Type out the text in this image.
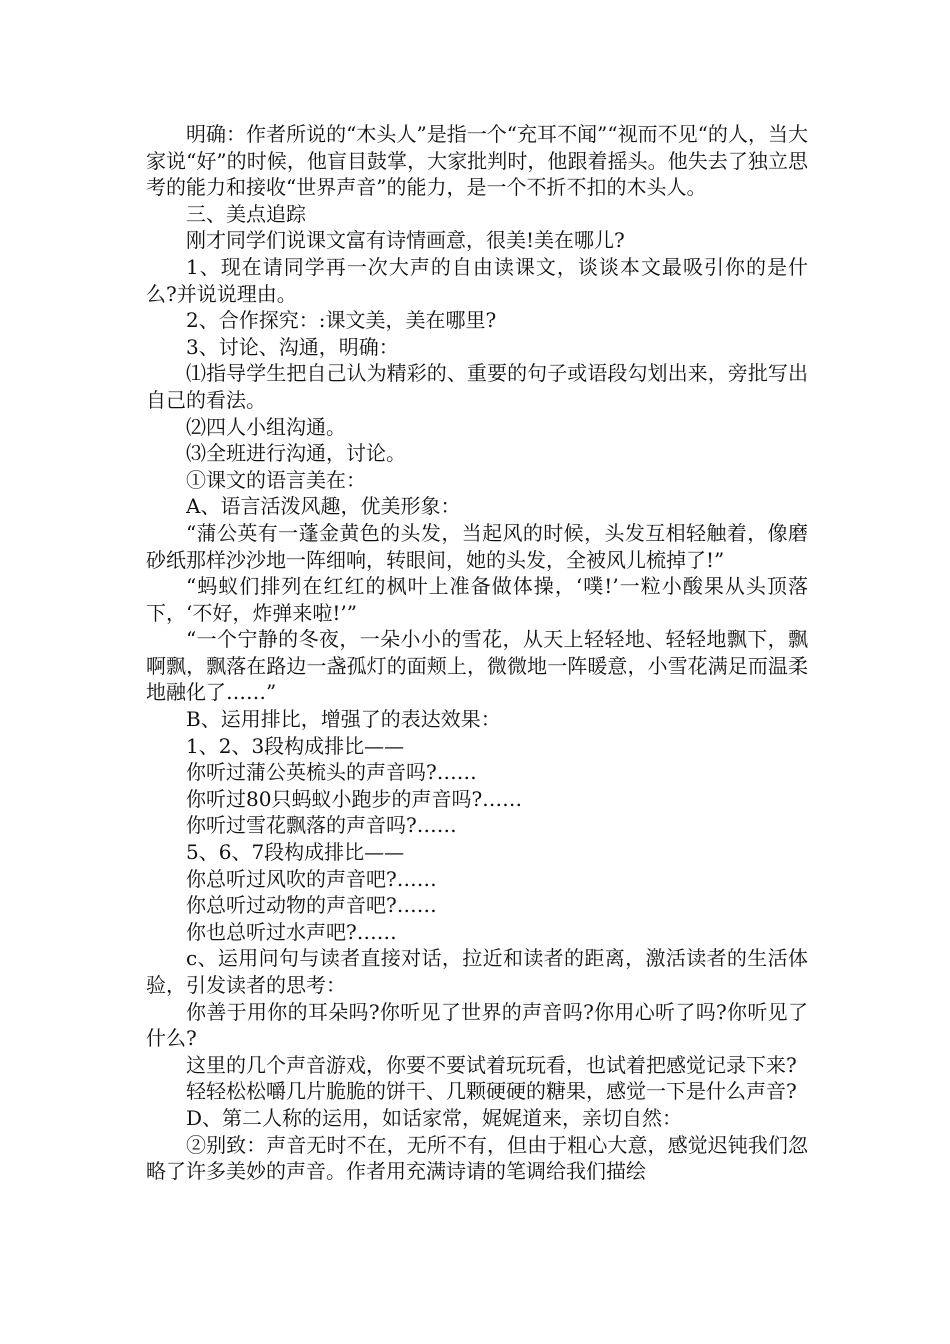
明确：作者所说的“木头人”是指一个“充耳不闻”“视而不见“的人，当大家说“好”的时候，他盲目鼓掌，大家批判时，他跟着摇头。他失去了独立思考的能力和接收“世界声音”的能力，是一个不折不扣的木头人。

三、美点追踪

刚才同学们说课文富有诗情画意，很美!美在哪儿?

1、现在请同学再一次大声的自由读课文，谈谈本文最吸引你的是什么?并说说理由。

2、合作探究：:课文美，美在哪里?

3、讨论、沟通，明确：

⑴指导学生把自己认为精彩的、重要的句子或语段勾划出来，旁批写出自己的看法。

⑵四人小组沟通。

⑶全班进行沟通，讨论。

①课文的语言美在：

A、语言活泼风趣，优美形象：

“蒲公英有一蓬金黄色的头发，当起风的时候，头发互相轻触着，像磨砂纸那样沙沙地一阵细响，转眼间，她的头发，全被风儿梳掉了!”

“蚂蚁们排列在红红的枫叶上准备做体操，‘噗!’一粒小酸果从头顶落下，‘不好，炸弹来啦!’”

“一个宁静的冬夜，一朵小小的雪花，从天上轻轻地、轻轻地飘下，飘啊飘，飘落在路边一盏孤灯的面颊上，微微地一阵暖意，小雪花满足而温柔地融化了……”

B、运用排比，增强了的表达效果：

1、2、3段构成排比——

你听过蒲公英梳头的声音吗?……

你听过80只蚂蚁小跑步的声音吗?……

你听过雪花飘落的声音吗?……

5、6、7段构成排比——

你总听过风吹的声音吧?……

你总听过动物的声音吧?……

你也总听过水声吧?……

c、运用问句与读者直接对话，拉近和读者的距离，激活读者的生活体验，引发读者的思考：

你善于用你的耳朵吗?你听见了世界的声音吗?你用心听了吗?你听见了什么?

这里的几个声音游戏，你要不要试着玩玩看，也试着把感觉记录下来?

轻轻松松嚼几片脆脆的饼干、几颗硬硬的糖果，感觉一下是什么声音?

D、第二人称的运用，如话家常，娓娓道来，亲切自然：

②别致：声音无时不在，无所不有，但由于粗心大意，感觉迟钝我们忽略了许多美妙的声音。作者用充满诗请的笔调给我们描绘
